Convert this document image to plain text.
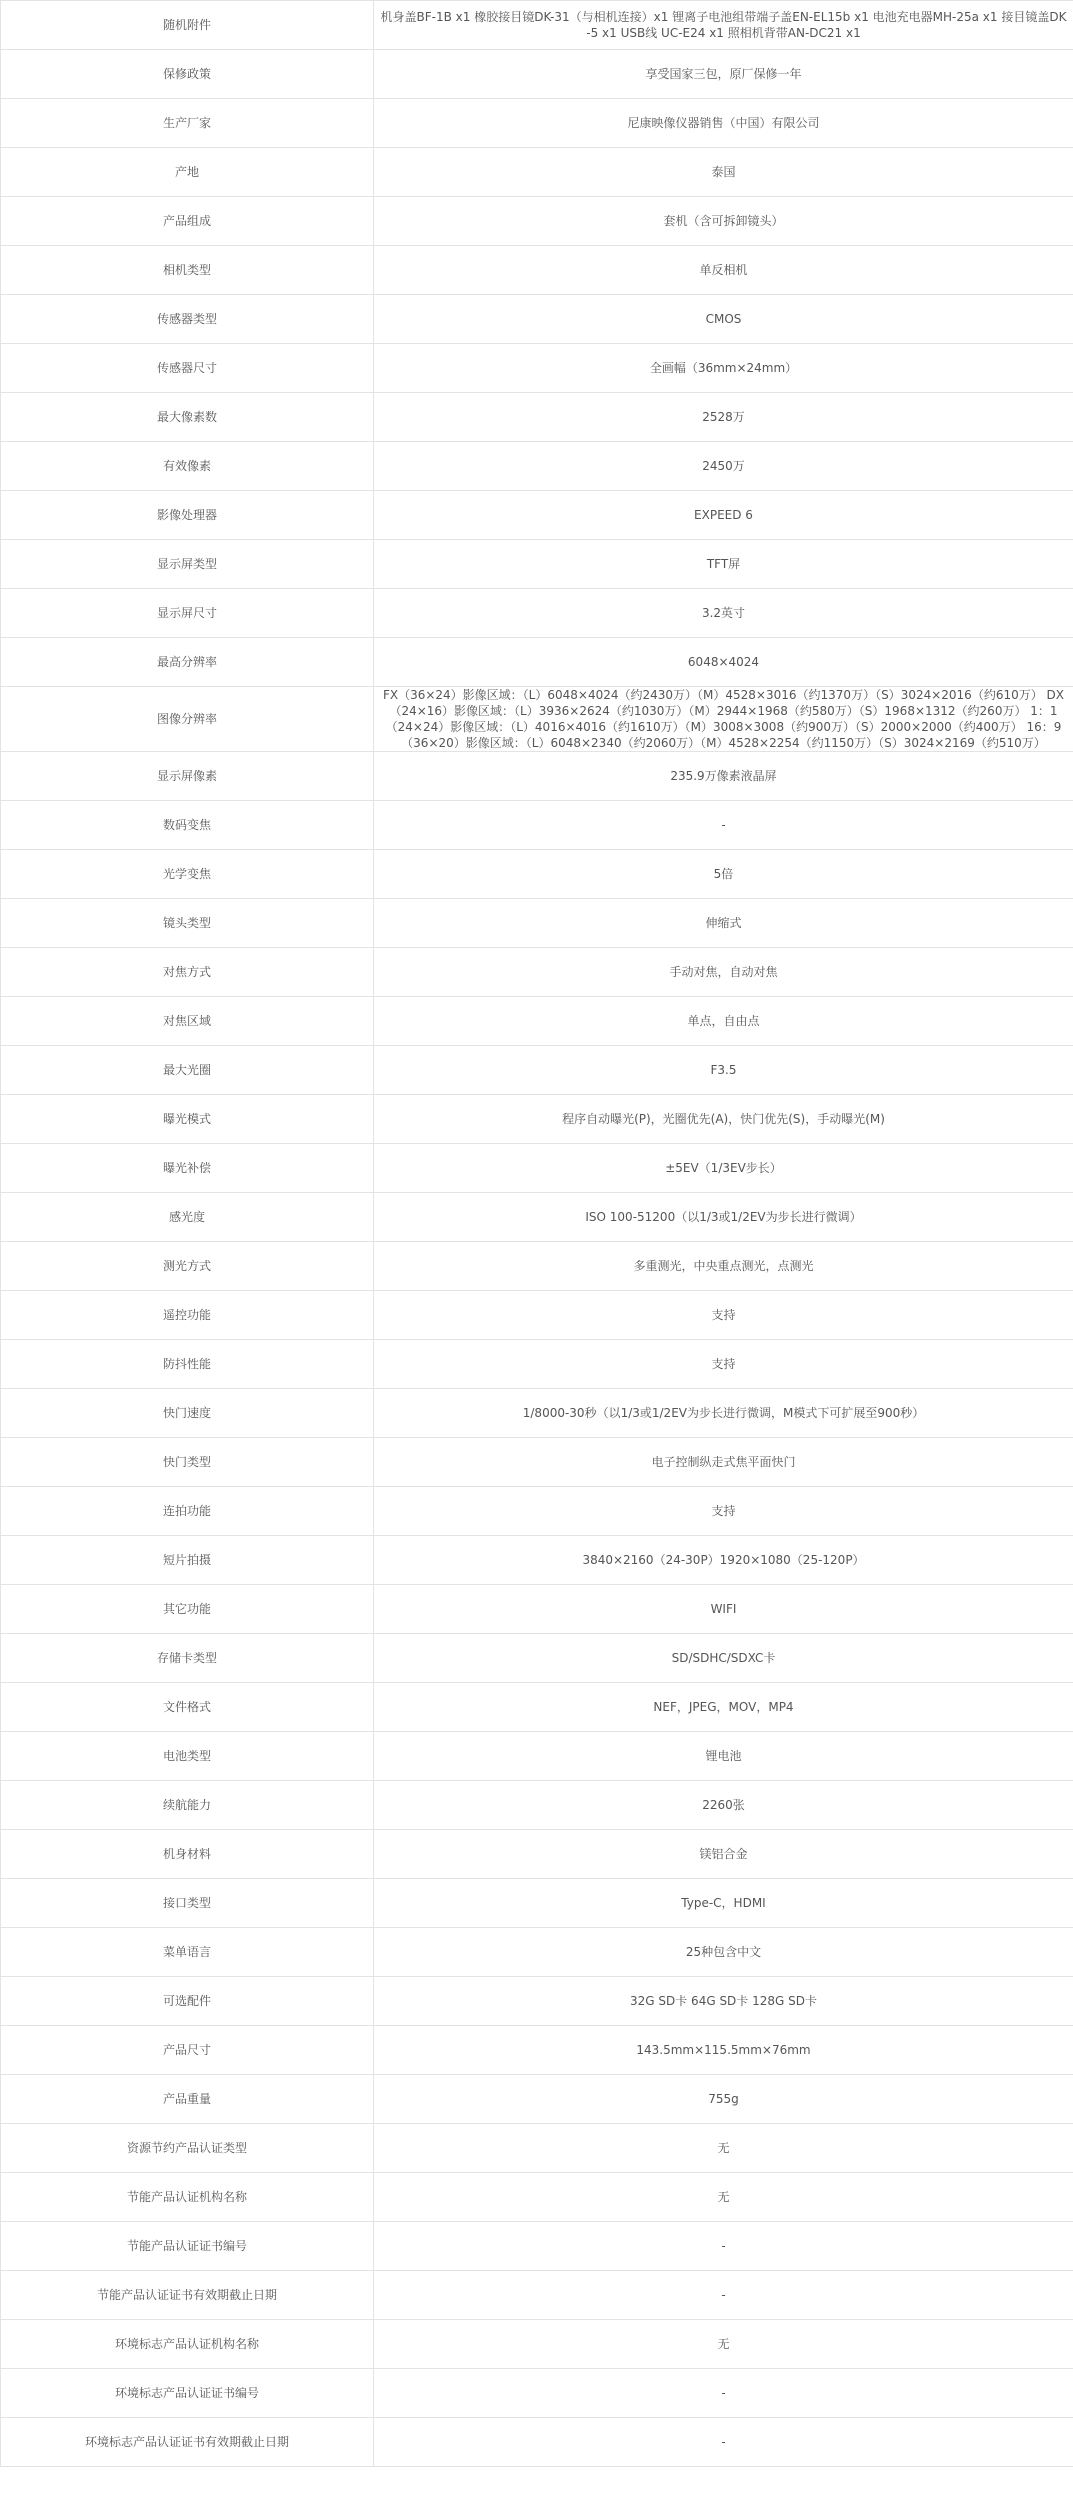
随机附件	机身盖BF-1B x1 橡胶接目镜DK-31（与相机连接）x1 锂离子电池组带端子盖EN-EL15b x1 电池充电器MH-25a x1 接目镜盖DK-5 x1 USB线 UC-E24 x1 照相机背带AN-DC21 x1
保修政策	享受国家三包，原厂保修一年
生产厂家	尼康映像仪器销售（中国）有限公司
产地	泰国
产品组成	套机（含可拆卸镜头）
相机类型	单反相机
传感器类型	CMOS
传感器尺寸	全画幅（36mm×24mm）
最大像素数	2528万
有效像素	2450万
影像处理器	EXPEED 6
显示屏类型	TFT屏
显示屏尺寸	3.2英寸
最高分辨率	6048×4024
图像分辨率	FX（36×24）影像区域：（L）6048×4024（约2430万）（M）4528×3016（约1370万）（S）3024×2016（约610万） DX（24×16）影像区域：（L）3936×2624（约1030万）（M）2944×1968（约580万）（S）1968×1312（约260万） 1：1（24×24）影像区域：（L）4016×4016（约1610万）（M）3008×3008（约900万）（S）2000×2000（约400万） 16：9（36×20）影像区域：（L）6048×2340（约2060万）（M）4528×2254（约1150万）（S）3024×2169（约510万）
显示屏像素	235.9万像素液晶屏
数码变焦	-
光学变焦	5倍
镜头类型	伸缩式
对焦方式	手动对焦，自动对焦
对焦区域	单点，自由点
最大光圈	F3.5
曝光模式	程序自动曝光(P)，光圈优先(A)，快门优先(S)，手动曝光(M)
曝光补偿	±5EV（1/3EV步长）
感光度	ISO 100-51200（以1/3或1/2EV为步长进行微调）
测光方式	多重测光，中央重点测光，点测光
遥控功能	支持
防抖性能	支持
快门速度	1/8000-30秒（以1/3或1/2EV为步长进行微调，M模式下可扩展至900秒）
快门类型	电子控制纵走式焦平面快门
连拍功能	支持
短片拍摄	3840×2160（24-30P）1920×1080（25-120P）
其它功能	WIFI
存储卡类型	SD/SDHC/SDXC卡
文件格式	NEF，JPEG，MOV，MP4
电池类型	锂电池
续航能力	2260张
机身材料	镁铝合金
接口类型	Type-C，HDMI
菜单语言	25种包含中文
可选配件	32G SD卡 64G SD卡 128G SD卡
产品尺寸	143.5mm×115.5mm×76mm
产品重量	755g
资源节约产品认证类型	无
节能产品认证机构名称	无
节能产品认证证书编号	-
节能产品认证证书有效期截止日期	-
环境标志产品认证机构名称	无
环境标志产品认证证书编号	-
环境标志产品认证证书有效期截止日期	-
